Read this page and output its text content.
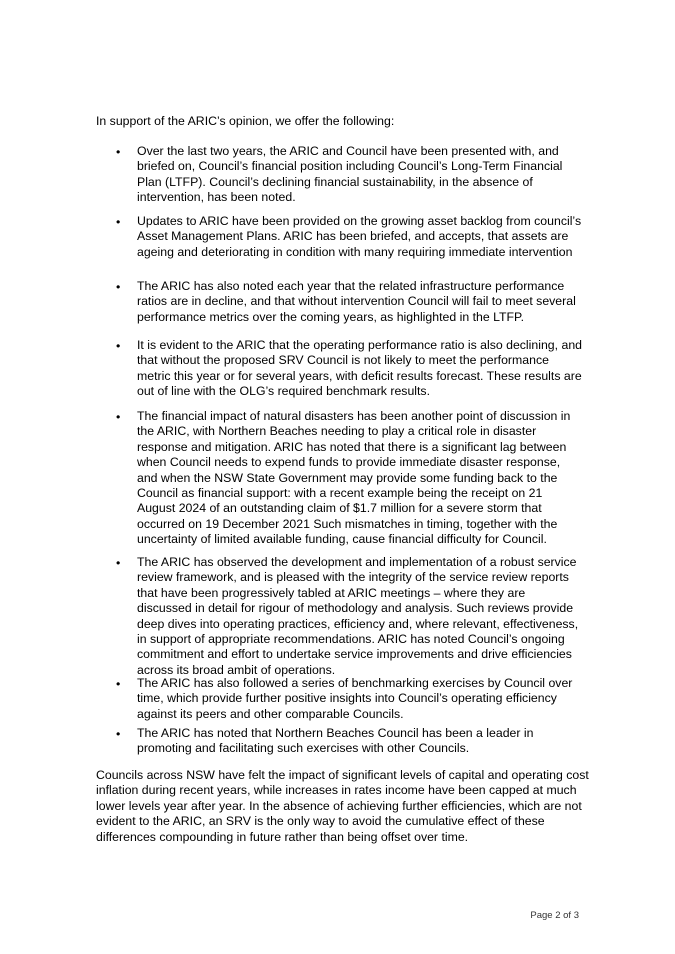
In support of the ARIC’s opinion, we offer the following:

• Over the last two years, the ARIC and Council have been presented with, and briefed on, Council’s financial position including Council’s Long-Term Financial Plan (LTFP). Council’s declining financial sustainability, in the absence of intervention, has been noted.

• Updates to ARIC have been provided on the growing asset backlog from council’s Asset Management Plans. ARIC has been briefed, and accepts, that assets are ageing and deteriorating in condition with many requiring immediate intervention

• The ARIC has also noted each year that the related infrastructure performance ratios are in decline, and that without intervention Council will fail to meet several performance metrics over the coming years, as highlighted in the LTFP.

• It is evident to the ARIC that the operating performance ratio is also declining, and that without the proposed SRV Council is not likely to meet the performance metric this year or for several years, with deficit results forecast. These results are out of line with the OLG’s required benchmark results.

• The financial impact of natural disasters has been another point of discussion in the ARIC, with Northern Beaches needing to play a critical role in disaster response and mitigation. ARIC has noted that there is a significant lag between when Council needs to expend funds to provide immediate disaster response, and when the NSW State Government may provide some funding back to the Council as financial support: with a recent example being the receipt on 21 August 2024 of an outstanding claim of $1.7 million for a severe storm that occurred on 19 December 2021 Such mismatches in timing, together with the uncertainty of limited available funding, cause financial difficulty for Council.

• The ARIC has observed the development and implementation of a robust service review framework, and is pleased with the integrity of the service review reports that have been progressively tabled at ARIC meetings – where they are discussed in detail for rigour of methodology and analysis. Such reviews provide deep dives into operating practices, efficiency and, where relevant, effectiveness, in support of appropriate recommendations. ARIC has noted Council’s ongoing commitment and effort to undertake service improvements and drive efficiencies across its broad ambit of operations.

• The ARIC has also followed a series of benchmarking exercises by Council over time, which provide further positive insights into Council’s operating efficiency against its peers and other comparable Councils.

• The ARIC has noted that Northern Beaches Council has been a leader in promoting and facilitating such exercises with other Councils.

Councils across NSW have felt the impact of significant levels of capital and operating cost inflation during recent years, while increases in rates income have been capped at much lower levels year after year. In the absence of achieving further efficiencies, which are not evident to the ARIC, an SRV is the only way to avoid the cumulative effect of these differences compounding in future rather than being offset over time.

Page 2 of 3
